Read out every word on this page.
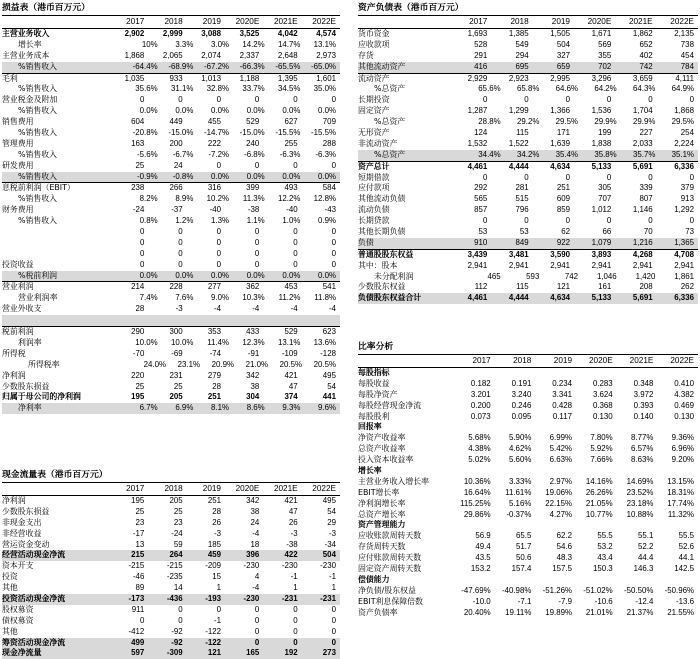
损益表（港币百万元）
2017	2018	2019	2020E	2021E	2022E
主营业务收入	2,902	2,999	3,088	3,525	4,042	4,574
增长率	10%	3.3%	3.0%	14.2%	14.7%	13.1%
主营业务成本	1,868	2,065	2,074	2,337	2,648	2,973
%销售收入	-64.4%	-68.9%	-67.2%	-66.3%	-65.5%	-65.0%
毛利	1,035	933	1,013	1,188	1,395	1,601
%销售收入	35.6%	31.1%	32.8%	33.7%	34.5%	35.0%
营业税金及附加	0	0	0	0	0	0
%销售收入	0.0%	0.0%	0.0%	0.0%	0.0%	0.0%
销售费用	604	449	455	529	627	709
%销售收入	-20.8%	-15.0%	-14.7%	-15.0%	-15.5%	-15.5%
管理费用	163	200	222	240	255	288
%销售收入	-5.6%	-6.7%	-7.2%	-6.8%	-6.3%	-6.3%
研发费用	25	24	0	0	0	0
%销售收入	-0.9%	-0.8%	0.0%	0.0%	0.0%	0.0%
息税前利润（EBIT）	238	266	316	399	493	584
%销售收入	8.2%	8.9%	10.2%	11.3%	12.2%	12.8%
财务费用	-24	-37	-40	-38	-40	-43
%销售收入	0.8%	1.2%	1.3%	1.1%	1.0%	0.9%
0	0	0	0	0	0
0	0	0	0	0	0
0	0	0	0	0	0
投资收益	0	0	0	0	0	0
%税前利润	0.0%	0.0%	0.0%	0.0%	0.0%	0.0%
营业利润	214	228	277	362	453	541
营业利润率	7.4%	7.6%	9.0%	10.3%	11.2%	11.8%
营业外收支	28	-3	-4	-4	-4	-4
税前利润	290	300	353	433	529	623
利润率	10.0%	10.0%	11.4%	12.3%	13.1%	13.6%
所得税	-70	-69	-74	-91	-109	-128
所得税率	24.0%	23.1%	20.9%	21.0%	20.5%	20.5%
净利润	220	231	279	342	421	495
少数股东损益	25	25	28	38	47	54
归属于母公司的净利润	195	205	251	304	374	441
净利率	6.7%	6.9%	8.1%	8.6%	9.3%	9.6%
现金流量表（港币百万元）
2017	2018	2019	2020E	2021E	2022E
净利润	195	205	251	342	421	495
少数股东损益	25	25	28	38	47	54
非现金支出	23	23	26	24	26	29
非经营收益	-17	-24	-3	-4	-3	-3
营运资金变动	13	59	185	18	-38	-34
经营活动现金净流	215	264	459	396	422	504
资本开支	-215	-215	-209	-230	-230	-230
投资	-46	-235	15	4	-1	-1
其他	89	14	1	-4	1	1
投资活动现金净流	-173	-436	-193	-230	-231	-231
股权募资	911	0	0	0	0	0
债权募资	0	0	-1	0	0	0
其他	-412	-92	-122	0	0	0
筹资活动现金净流	499	-92	-122	0	0	0
现金净流量	597	-309	121	165	192	273
资产负债表（港币百万元）
2017	2018	2019	2020E	2021E	2022E
货币资金	1,693	1,385	1,505	1,671	1,862	2,135
应收款项	528	549	504	569	652	738
存货	291	294	327	355	402	454
其他流动资产	416	695	659	702	742	784
流动资产	2,929	2,923	2,995	3,296	3,659	4,111
%总资产	65.6%	65.8%	64.6%	64.2%	64.3%	64.9%
长期投资	0	0	0	0	0	0
固定资产	1,287	1,299	1,366	1,536	1,704	1,868
%总资产	28.8%	29.2%	29.5%	29.9%	29.9%	29.5%
无形资产	124	115	171	199	227	254
非流动资产	1,532	1,522	1,639	1,838	2,033	2,224
%总资产	34.4%	34.2%	35.4%	35.8%	35.7%	35.1%
资产总计	4,461	4,444	4,634	5,133	5,691	6,336
短期借款	0	0	0	0	0	0
应付款项	292	281	251	305	339	379
其他流动负债	565	515	609	707	807	913
流动负债	857	796	859	1,012	1,146	1,292
长期贷款	0	0	0	0	0	0
其他长期负债	53	53	62	66	70	73
负债	910	849	922	1,079	1,216	1,365
普通股股东权益	3,439	3,481	3,590	3,893	4,268	4,708
其中：股本	2,941	2,941	2,941	2,941	2,941	2,941
未分配利润	465	593	742	1,046	1,420	1,861
少数股东权益	112	115	121	161	208	262
负债股东权益合计	4,461	4,444	4,634	5,133	5,691	6,336
比率分析
2017	2018	2019	2020E	2021E	2022E
每股指标
每股收益	0.182	0.191	0.234	0.283	0.348	0.410
每股净资产	3.201	3.240	3.341	3.624	3.972	4.382
每股经营现金净流	0.200	0.246	0.428	0.368	0.393	0.469
每股股利	0.073	0.095	0.117	0.130	0.140	0.130
回报率
净资产收益率	5.68%	5.90%	6.99%	7.80%	8.77%	9.36%
总资产收益率	4.38%	4.62%	5.42%	5.92%	6.57%	6.96%
投入资本收益率	5.02%	5.60%	6.63%	7.66%	8.63%	9.20%
增长率
主营业务收入增长率	10.36%	3.33%	2.97%	14.16%	14.69%	13.15%
EBIT增长率	16.64%	11.61%	19.06%	26.26%	23.52%	18.31%
净利润增长率	115.25%	5.16%	22.15%	21.05%	23.18%	17.74%
总资产增长率	29.86%	-0.37%	4.27%	10.77%	10.88%	11.32%
资产管理能力
应收账款周转天数	56.9	65.5	62.2	55.5	55.1	55.5
存货周转天数	49.4	51.7	54.6	53.2	52.2	52.6
应付账款周转天数	43.5	50.6	48.3	43.4	44.4	44.1
固定资产周转天数	153.2	157.4	157.5	150.3	146.3	142.5
偿债能力
净负债/股东权益	-47.69%	-40.98%	-51.26%	-51.02%	-50.50%	-50.96%
EBIT利息保障倍数	-10.0	-7.1	-7.9	-10.6	-12.4	-13.6
资产负债率	20.40%	19.11%	19.89%	21.01%	21.37%	21.55%
